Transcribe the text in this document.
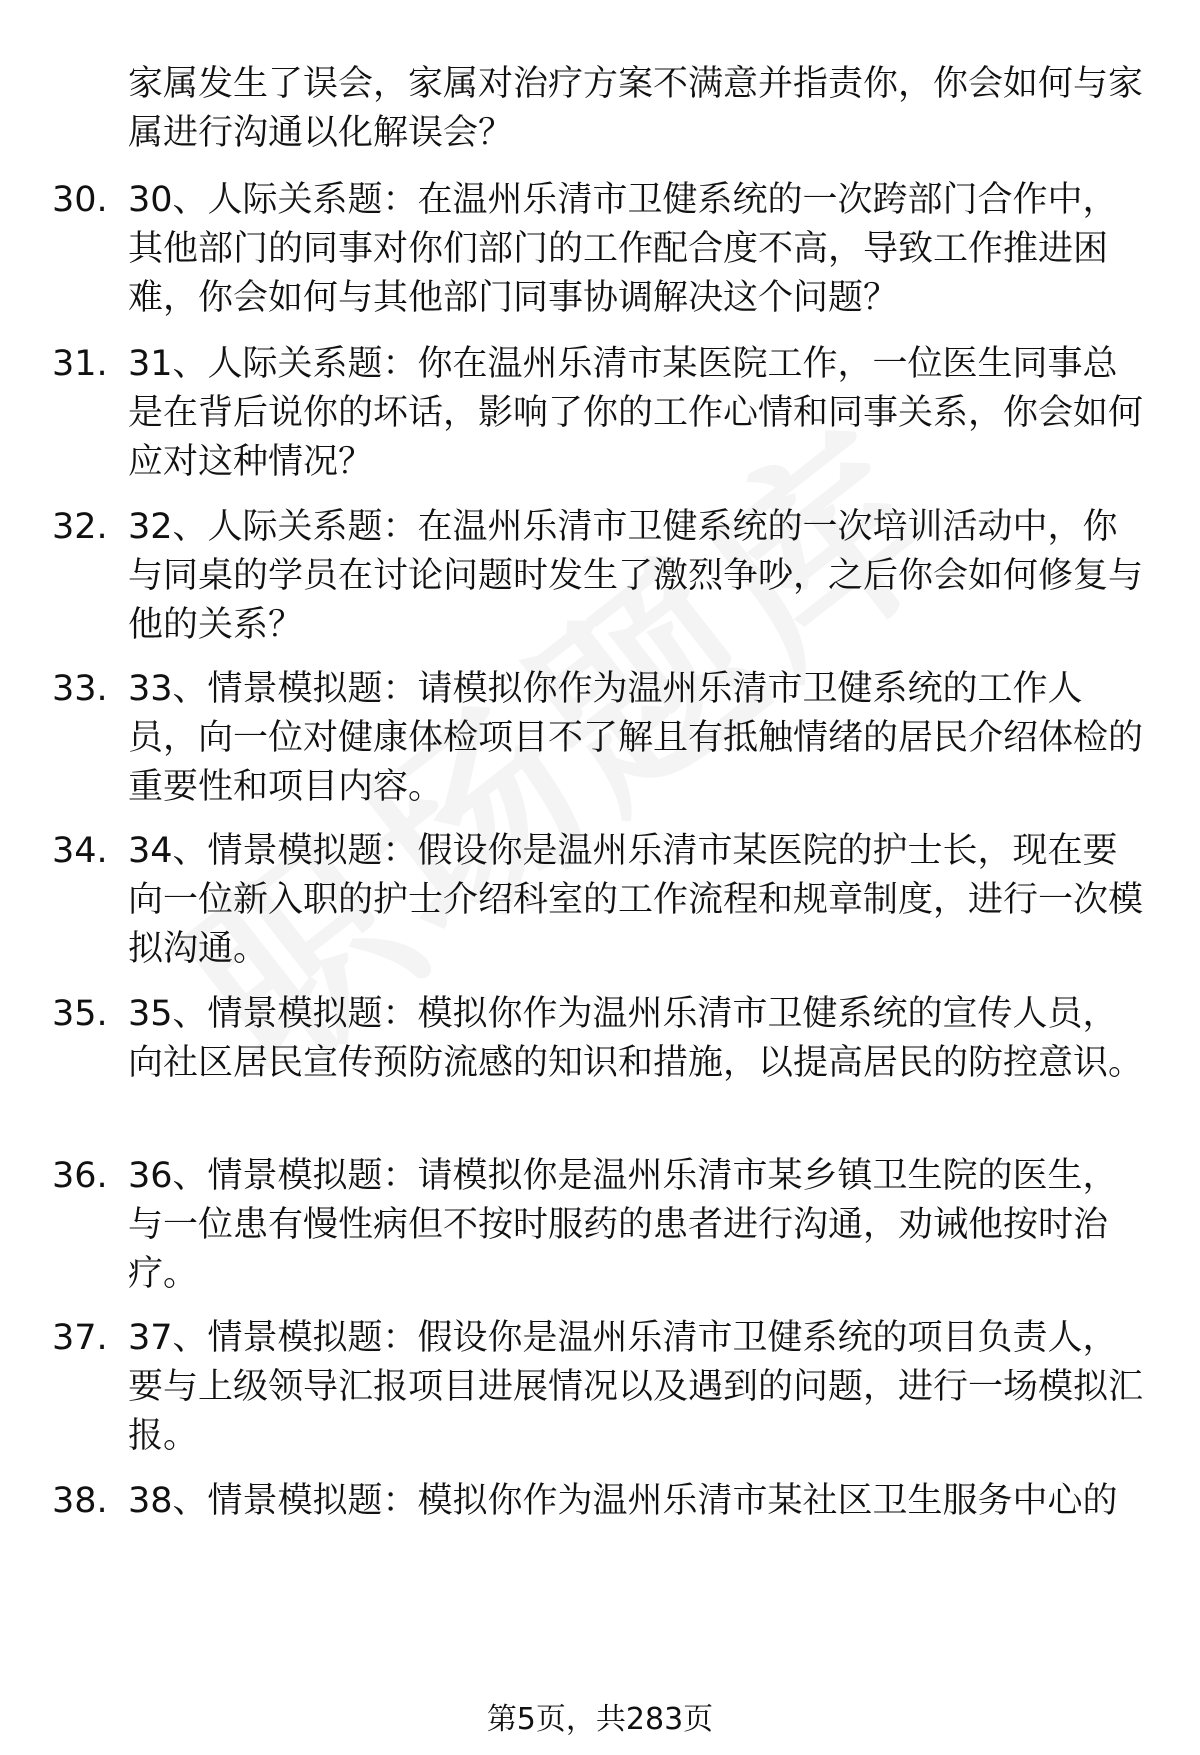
家属发生了误会，家属对治疗方案不满意并指责你，你会如何与家属进行沟通以化解误会？
30. 30、人际关系题：在温州乐清市卫健系统的一次跨部门合作中，其他部门的同事对你们部门的工作配合度不高，导致工作推进困难，你会如何与其他部门同事协调解决这个问题？
31. 31、人际关系题：你在温州乐清市某医院工作，一位医生同事总是在背后说你的坏话，影响了你的工作心情和同事关系，你会如何应对这种情况？
32. 32、人际关系题：在温州乐清市卫健系统的一次培训活动中，你与同桌的学员在讨论问题时发生了激烈争吵，之后你会如何修复与他的关系？
33. 33、情景模拟题：请模拟你作为温州乐清市卫健系统的工作人员，向一位对健康体检项目不了解且有抵触情绪的居民介绍体检的重要性和项目内容。
34. 34、情景模拟题：假设你是温州乐清市某医院的护士长，现在要向一位新入职的护士介绍科室的工作流程和规章制度，进行一次模拟沟通。
35. 35、情景模拟题：模拟你作为温州乐清市卫健系统的宣传人员，向社区居民宣传预防流感的知识和措施，以提高居民的防控意识。
36. 36、情景模拟题：请模拟你是温州乐清市某乡镇卫生院的医生，与一位患有慢性病但不按时服药的患者进行沟通，劝诫他按时治疗。
37. 37、情景模拟题：假设你是温州乐清市卫健系统的项目负责人，要与上级领导汇报项目进展情况以及遇到的问题，进行一场模拟汇报。
38. 38、情景模拟题：模拟你作为温州乐清市某社区卫生服务中心的
第5页，共283页
